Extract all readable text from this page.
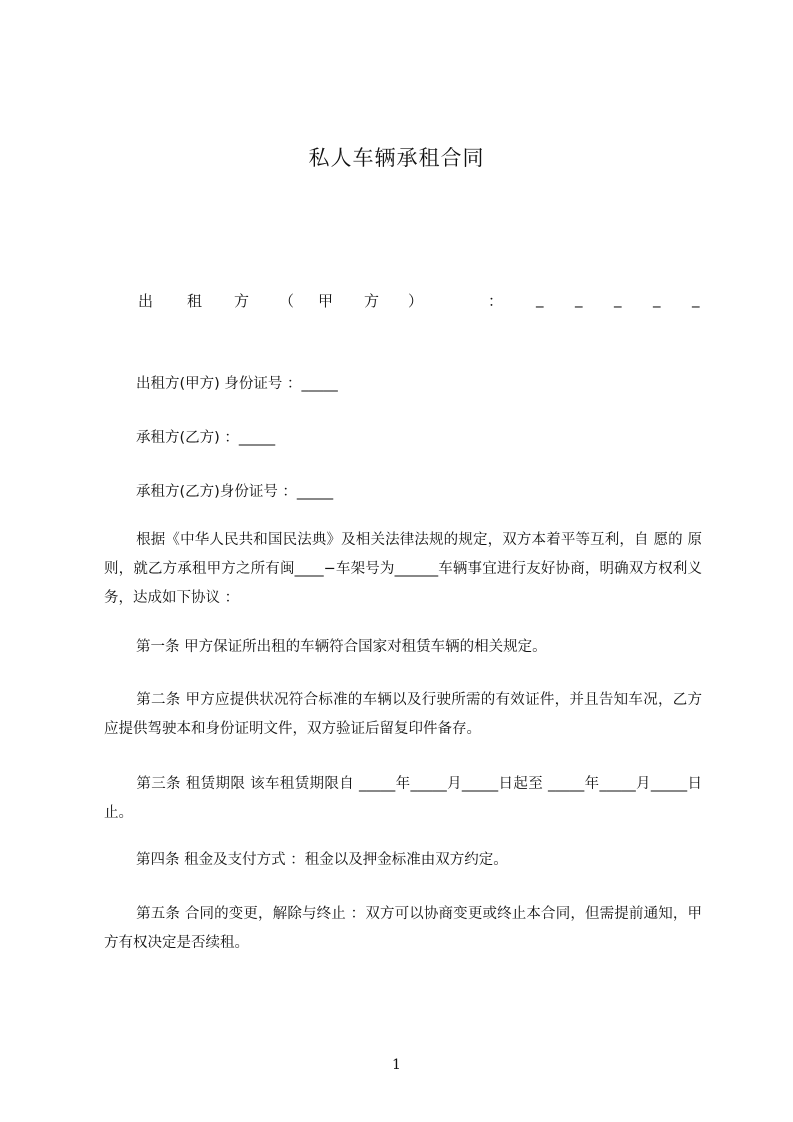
私人车辆承租合同
出 租 方 （ 甲 方 ）	： _ _ _ _ _
出租方(甲方) 身份证号 ：_____
承租方(乙方) ：_____
承租方(乙方)身份证号 ：_____
根据《中华人民共和国民法典》及相关法律法规的规定，双方本着平等互利，自 愿的 原则，就乙方承租甲方之所有闽____−车架号为______车辆事宜进行友好协商，明确双方权利义务，达成如下协议 ：
第一条 甲方保证所出租的车辆符合国家对租赁车辆的相关规定。
第二条 甲方应提供状况符合标准的车辆以及行驶所需的有效证件，并且告知车况，乙方 应提供驾驶本和身份证明文件，双方验证后留复印件备存。
第三条 租赁期限 该车租赁期限自 _____年_____月_____日起至 _____年_____月_____日止。
第四条 租金及支付方式 ：租金以及押金标准由双方约定。
第五条 合同的变更，解除与终止 ：双方可以协商变更或终止本合同，但需提前通知，甲 方有权决定是否续租。
1
